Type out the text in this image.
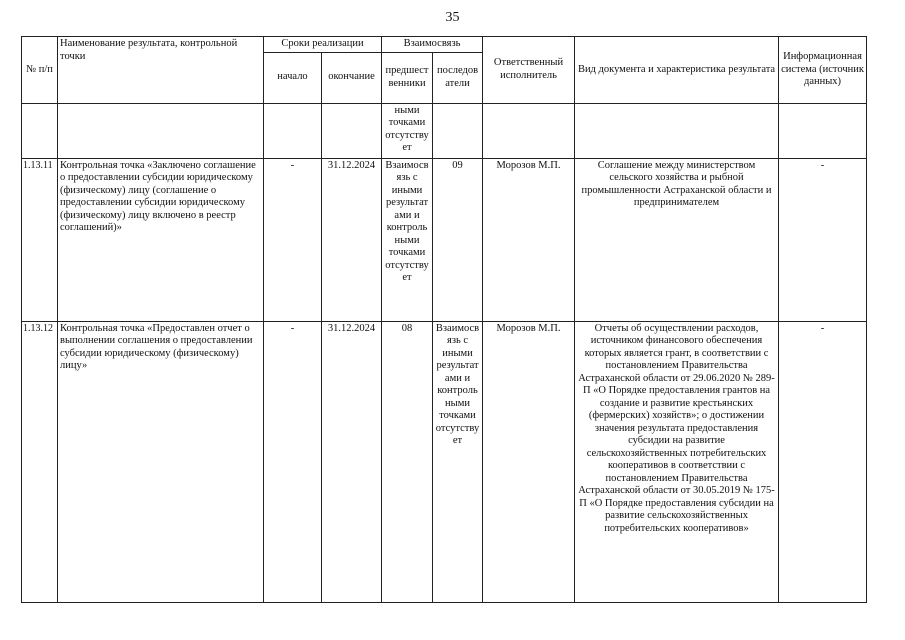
35
№ п/п	Наименование результата, контрольной точки	Сроки реализации		Взаимосвязь		Ответственный исполнитель	Вид документа и характеристика результата	Информационная система (источник данных)
		начало	окончание	предшественники	последователи			
				ными точками отсутствует				
1.13.11	Контрольная точка «Заключено соглашение о предоставлении субсидии юридическому (физическому) лицу (соглашение о предоставлении субсидии юридическому (физическому) лицу включено в реестр соглашений)»	-	31.12.2024	Взаимосвязь с иными результатами и контрольными точками отсутствует	09	Морозов М.П.	Соглашение между министерством сельского хозяйства и рыбной промышленности Астраханской области и предпринимателем	-
1.13.12	Контрольная точка «Предоставлен отчет о выполнении соглашения о предоставлении субсидии юридическому (физическому) лицу»	-	31.12.2024	08	Взаимосвязь с иными результатами и контрольными точками отсутствует	Морозов М.П.	Отчеты об осуществлении расходов, источником финансового обеспечения которых является грант, в соответствии с постановлением Правительства Астраханской области от 29.06.2020 № 289-П «О Порядке предоставления грантов на создание и развитие крестьянских (фермерских) хозяйств»; о достижении значения результата предоставления субсидии на развитие сельскохозяйственных потребительских кооперативов в соответствии с постановлением Правительства Астраханской области от 30.05.2019 № 175-П «О Порядке предоставления субсидии на развитие сельскохозяйственных потребительских кооперативов»	-
